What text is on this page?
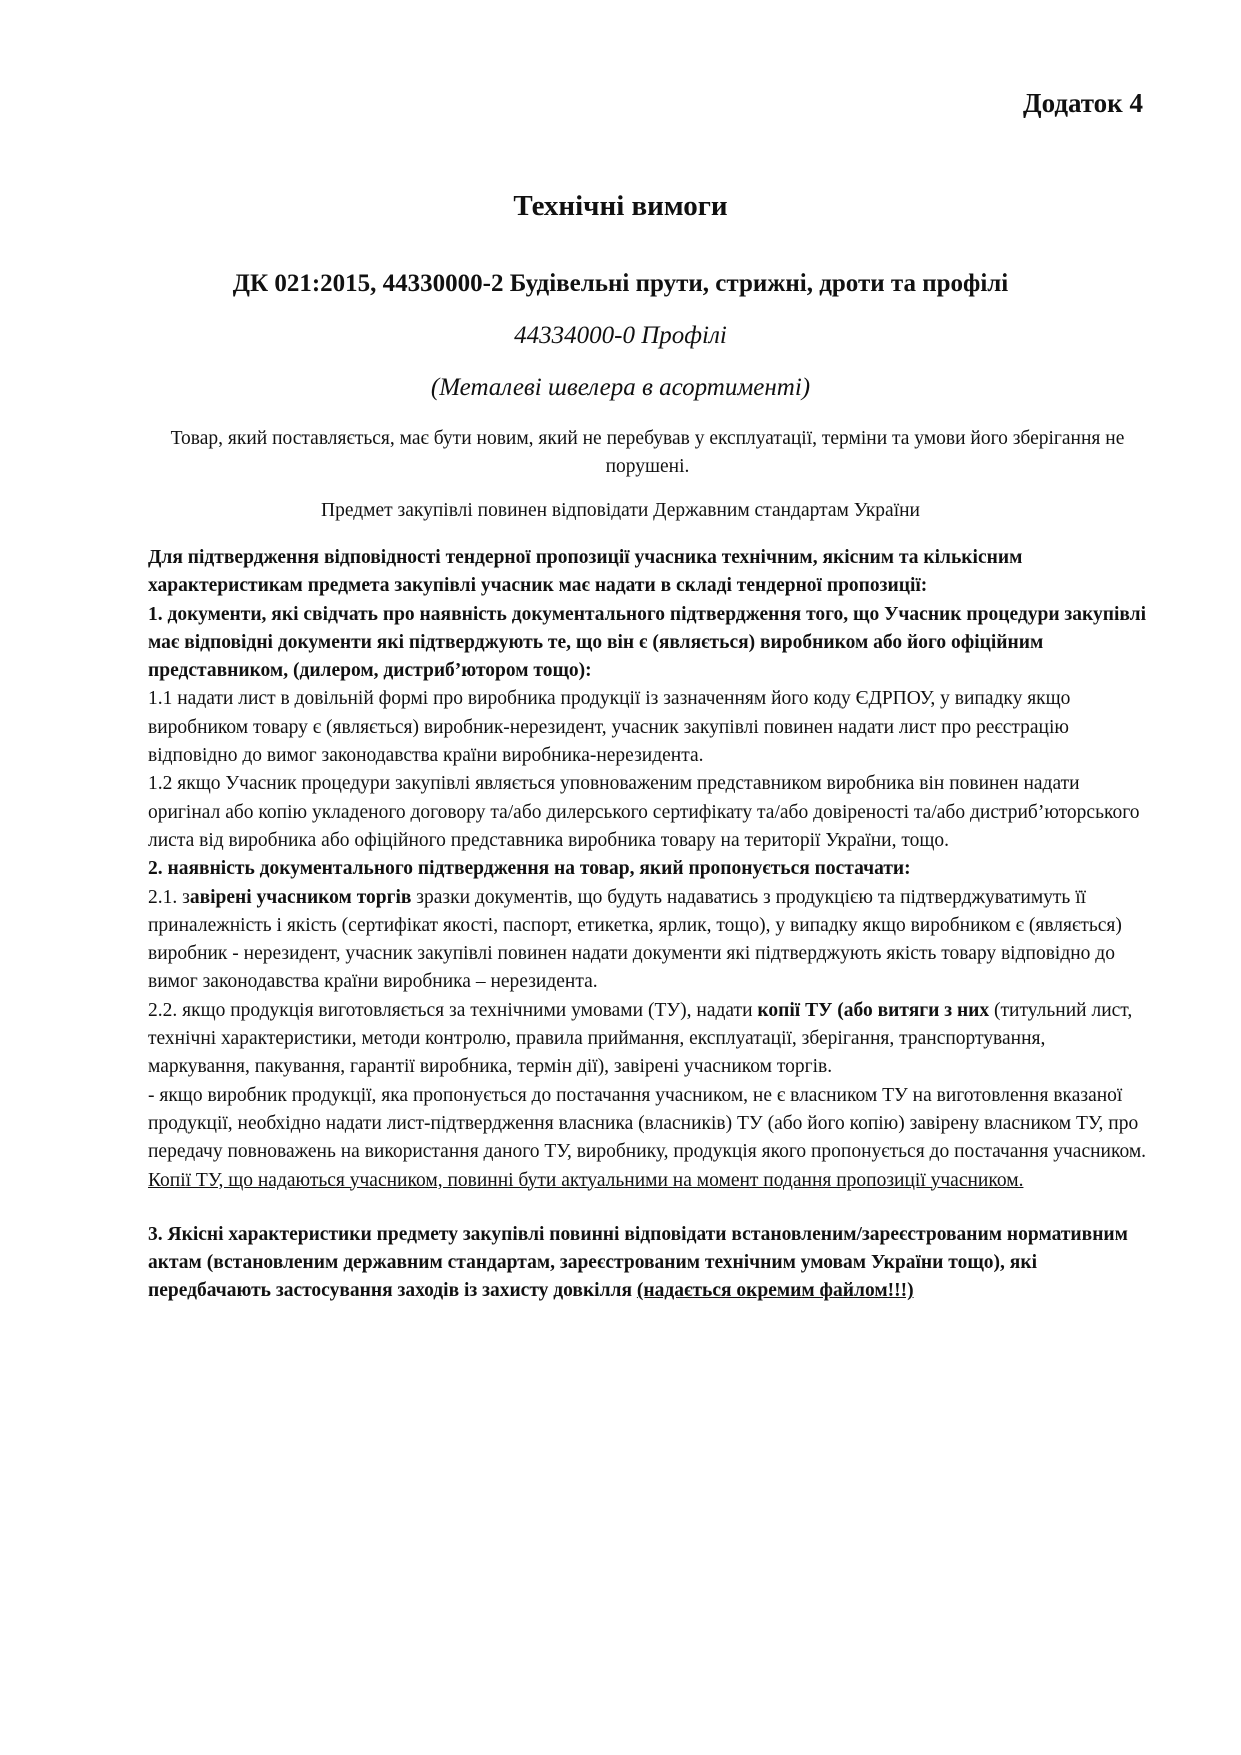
Додаток 4
Технічні вимоги
ДК 021:2015, 44330000-2 Будівельні прути, стрижні, дроти та профілі
44334000-0 Профілі
(Металеві швелера в асортименті)
Товар, який поставляється, має бути новим, який не перебував у експлуатації, терміни та умови його зберігання не порушені.
Предмет закупівлі повинен відповідати Державним стандартам України

Для підтвердження відповідності тендерної пропозиції учасника технічним, якісним та кількісним характеристикам предмета закупівлі учасник має надати в складі тендерної пропозиції:

1. документи, які свідчать про наявність документального підтвердження того, що Учасник процедури закупівлі має відповідні документи які підтверджують те, що він є (являється) виробником або його офіційним представником, (дилером, дистриб’ютором тощо):

1.1 надати лист в довільній формі про виробника продукції із зазначенням його коду ЄДРПОУ, у випадку якщо виробником товару є (являється) виробник-нерезидент, учасник закупівлі повинен надати лист про реєстрацію відповідно до вимог законодавства країни виробника-нерезидента.

1.2 якщо Учасник процедури закупівлі являється уповноваженим представником виробника він повинен надати оригінал або копію укладеного договору та/або дилерського сертифікату та/або довіреності та/або дистриб’юторського листа від виробника або офіційного представника виробника товару на території України, тощо.

2. наявність документального підтвердження на товар, який пропонується постачати:

2.1. завірені учасником торгів зразки документів, що будуть надаватись з продукцією та підтверджуватимуть її приналежність і якість (сертифікат якості, паспорт, етикетка, ярлик, тощо), у випадку якщо виробником є (являється) виробник - нерезидент, учасник закупівлі повинен надати документи які підтверджують якість товару відповідно до вимог законодавства країни виробника – нерезидента.

2.2. якщо продукція виготовляється за технічними умовами (ТУ), надати копії ТУ (або витяги з них (титульний лист, технічні характеристики, методи контролю, правила приймання, експлуатації, зберігання, транспортування, маркування, пакування, гарантії виробника, термін дії), завірені учасником торгів.

- якщо виробник продукції, яка пропонується до постачання учасником, не є власником ТУ на виготовлення вказаної продукції, необхідно надати лист-підтвердження власника (власників) ТУ (або його копію) завірену власником ТУ, про передачу повноважень на використання даного ТУ, виробнику, продукція якого пропонується до постачання учасником.

Копії ТУ, що надаються учасником, повинні бути актуальними на момент подання пропозиції учасником.

3. Якісні характеристики предмету закупівлі повинні відповідати встановленим/зареєстрованим нормативним актам (встановленим державним стандартам, зареєстрованим технічним умовам України тощо), які передбачають застосування заходів із захисту довкілля (надається окремим файлом!!!)
